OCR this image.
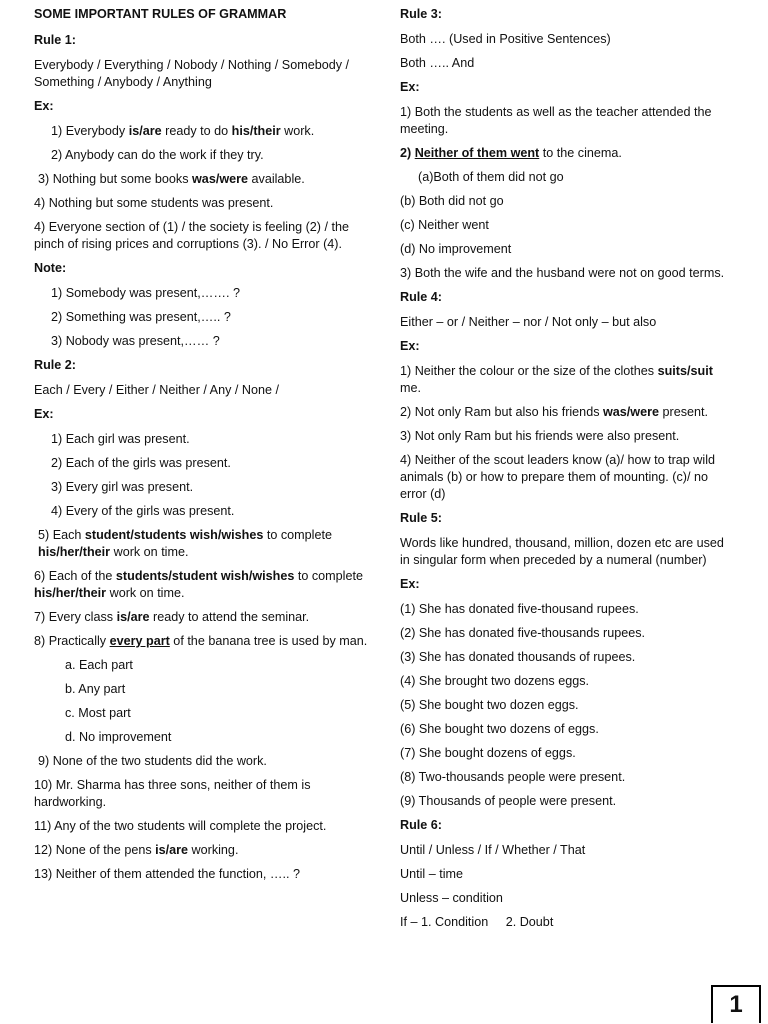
SOME IMPORTANT RULES OF GRAMMAR
Rule 1:
Everybody / Everything / Nobody / Nothing / Somebody / Something / Anybody / Anything
Ex:
1) Everybody is/are ready to do his/their work.
2) Anybody can do the work if they try.
3) Nothing but some books was/were available.
4) Nothing but some students was present.
4) Everyone section of (1) / the society is feeling (2) / the pinch of rising prices and corruptions (3). / No Error (4).
Note:
1) Somebody was present,……. ?
2) Something was present,….. ?
3) Nobody was present,…… ?
Rule 2:
Each / Every / Either / Neither / Any / None /
Ex:
1) Each girl was present.
2) Each of the girls was present.
3) Every girl was present.
4) Every of the girls was present.
5) Each student/students wish/wishes to complete his/her/their work on time.
6) Each of the students/student wish/wishes to complete his/her/their work on time.
7) Every class is/are ready to attend the seminar.
8) Practically every part of the banana tree is used by man.
a. Each part
b. Any part
c. Most part
d. No improvement
9) None of the two students did the work.
10) Mr. Sharma has three sons, neither of them is hardworking.
11) Any of the two students will complete the project.
12) None of the pens is/are working.
13) Neither of them attended the function, ….. ?
Rule 3:
Both …. (Used in Positive Sentences)
Both ….. And
Ex:
1) Both the students as well as the teacher attended the meeting.
2) Neither of them went to the cinema.
(a)Both of them did not go
(b) Both did not go
(c) Neither went
(d) No improvement
3) Both the wife and the husband were not on good terms.
Rule 4:
Either – or / Neither – nor / Not only – but also
Ex:
1) Neither the colour or the size of the clothes suits/suit me.
2) Not only Ram but also his friends was/were present.
3) Not only Ram but his friends were also present.
4) Neither of the scout leaders know (a)/ how to trap wild animals (b) or how to prepare them of mounting. (c)/ no error (d)
Rule 5:
Words like hundred, thousand, million, dozen etc are used in singular form when preceded by a numeral (number)
Ex:
(1) She has donated five-thousand rupees.
(2) She has donated five-thousands rupees.
(3) She has donated thousands of rupees.
(4) She brought two dozens eggs.
(5) She bought two dozen eggs.
(6) She bought two dozens of eggs.
(7) She bought dozens of eggs.
(8) Two-thousands people were present.
(9) Thousands of people were present.
Rule 6:
Until / Unless / If / Whether / That
Until – time
Unless – condition
If – 1. Condition     2. Doubt
1
